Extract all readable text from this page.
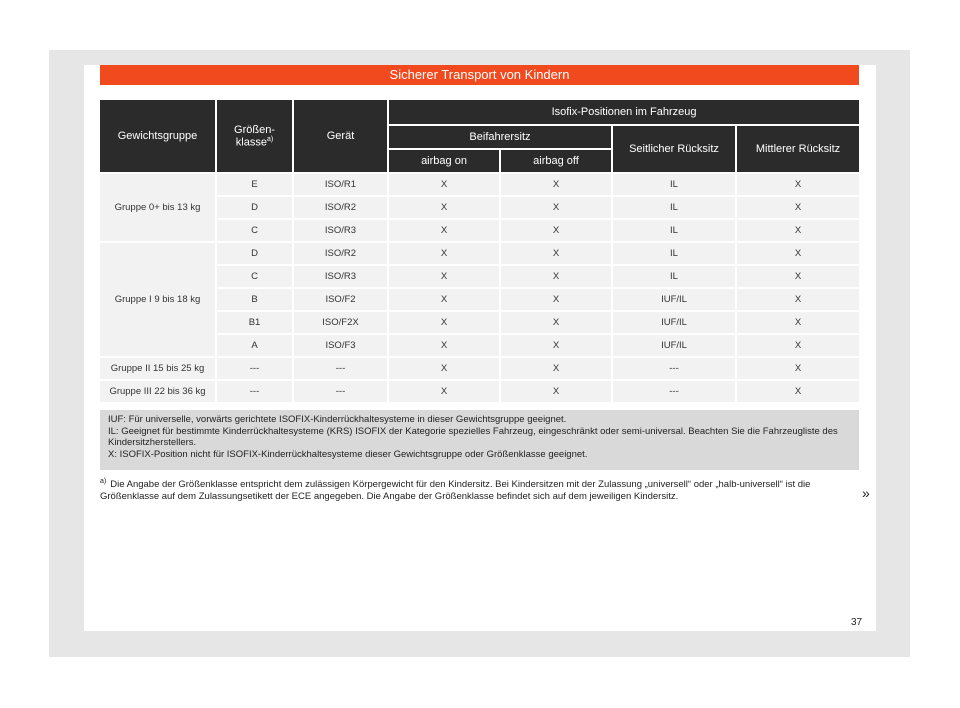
Sicherer Transport von Kindern
Gewichtsgruppe	Größen-
klasse$^{a)}$	Gerät	Isofix-Positionen im Fahrzeug			
			Beifahrersitz		Seitlicher Rücksitz	Mittlerer Rücksitz
			airbag on	airbag off		
Gruppe 0+ bis 13 kg	E	ISO/R1	X	X	IL	X
	D	ISO/R2	X	X	IL	X
	C	ISO/R3	X	X	IL	X
Gruppe I 9 bis 18 kg	D	ISO/R2	X	X	IL	X
	C	ISO/R3	X	X	IL	X
	B	ISO/F2	X	X	IUF/IL	X
	B1	ISO/F2X	X	X	IUF/IL	X
	A	ISO/F3	X	X	IUF/IL	X
Gruppe II 15 bis 25 kg	---	---	X	X	---	X
Gruppe III 22 bis 36 kg	---	---	X	X	---	X
IUF: Für universelle, vorwärts gerichtete ISOFIX-Kinderrückhaltesysteme in dieser Gewichtsgruppe geeignet.
IL: Geeignet für bestimmte Kinderrückhaltesysteme (KRS) ISOFIX der Kategorie spezielles Fahrzeug, eingeschränkt oder semi-universal. Beachten Sie die Fahrzeugliste des
Kindersitzherstellers.
X: ISOFIX-Position nicht für ISOFIX-Kinderrückhaltesysteme dieser Gewichtsgruppe oder Größenklasse geeignet.
$^{a)}$ Die Angabe der Größenklasse entspricht dem zulässigen Körpergewicht für den Kindersitz. Bei Kindersitzen mit der Zulassung „universell“ oder „halb-universell“ ist die
Größenklasse auf dem Zulassungsetikett der ECE angegeben. Die Angabe der Größenklasse befindet sich auf dem jeweiligen Kindersitz.	»
37
